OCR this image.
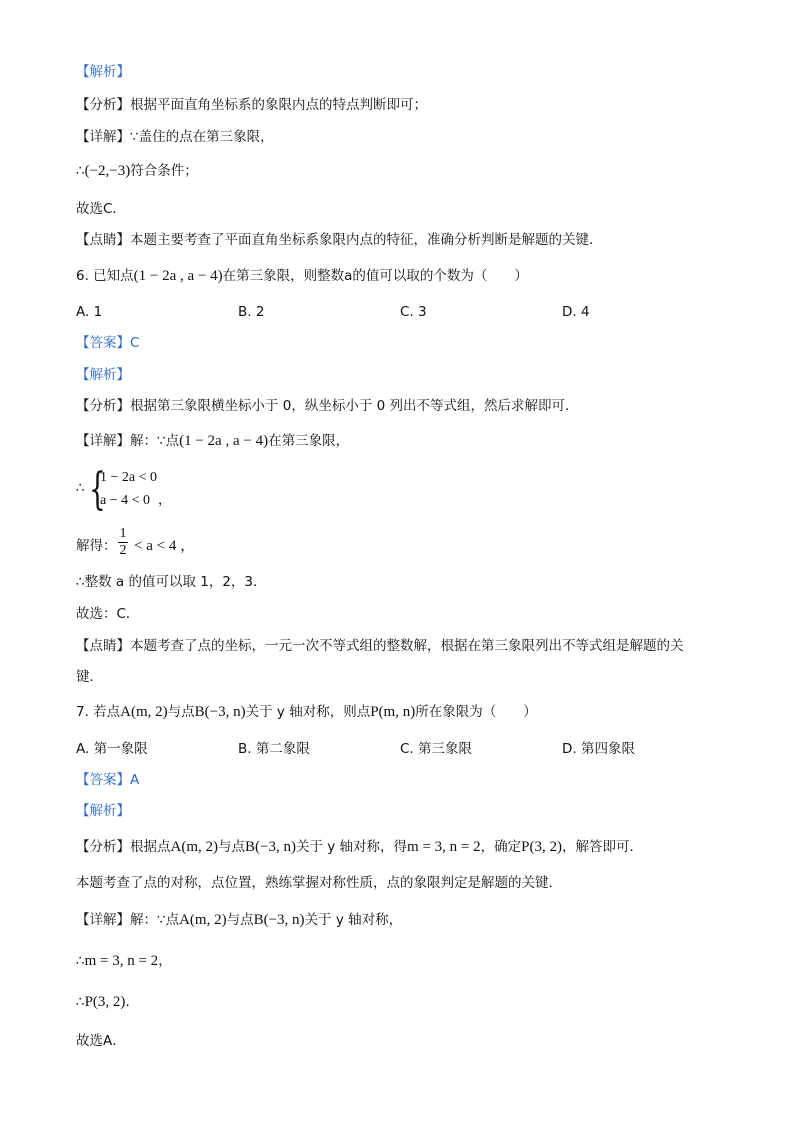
【解析】
【分析】根据平面直角坐标系的象限内点的特点判断即可；
【详解】∵盖住的点在第三象限，
∴(−2,−3)符合条件；
故选C．
【点睛】本题主要考查了平面直角坐标系象限内点的特征，准确分析判断是解题的关键．
6. 已知点(1 − 2a , a − 4)在第三象限，则整数a的值可以取的个数为（　　）
A. 1	B. 2	C. 3	D. 4
【答案】C
【解析】
【分析】根据第三象限横坐标小于 0，纵坐标小于 0 列出不等式组，然后求解即可．
【详解】解：∵点(1 − 2a , a − 4)在第三象限，
∴ {
1 − 2a < 0
a − 4 < 0 ，
解得： $\frac{1}{2} < a < 4$ ，
∴整数 a 的值可以取 1，2，3．
故选：C．
【点睛】本题考查了点的坐标，一元一次不等式组的整数解，根据在第三象限列出不等式组是解题的关
键．
7. 若点A(m, 2)与点B(−3, n)关于 y 轴对称，则点P(m, n)所在象限为（　　）
A. 第一象限	B. 第二象限	C. 第三象限	D. 第四象限
【答案】A
【解析】
【分析】根据点A(m, 2)与点B(−3, n)关于 y 轴对称，得m = 3, n = 2，确定P(3, 2)，解答即可．
本题考查了点的对称，点位置，熟练掌握对称性质，点的象限判定是解题的关键．
【详解】解：∵点A(m, 2)与点B(−3, n)关于 y 轴对称，
∴m = 3, n = 2，
∴P(3, 2)．
故选A．
